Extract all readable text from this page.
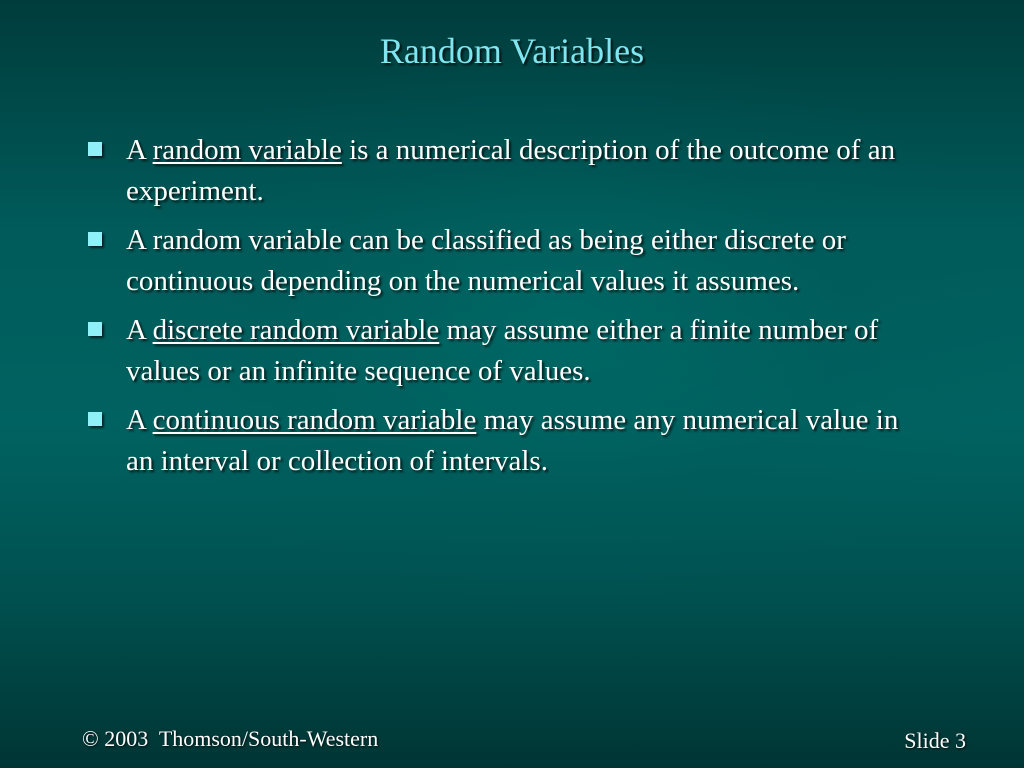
Random Variables
A random variable is a numerical description of the outcome of an experiment.
A random variable can be classified as being either discrete or continuous depending on the numerical values it assumes.
A discrete random variable may assume either a finite number of values or an infinite sequence of values.
A continuous random variable may assume any numerical value in an interval or collection of intervals.
© 2003  Thomson/South-Western	Slide 3
